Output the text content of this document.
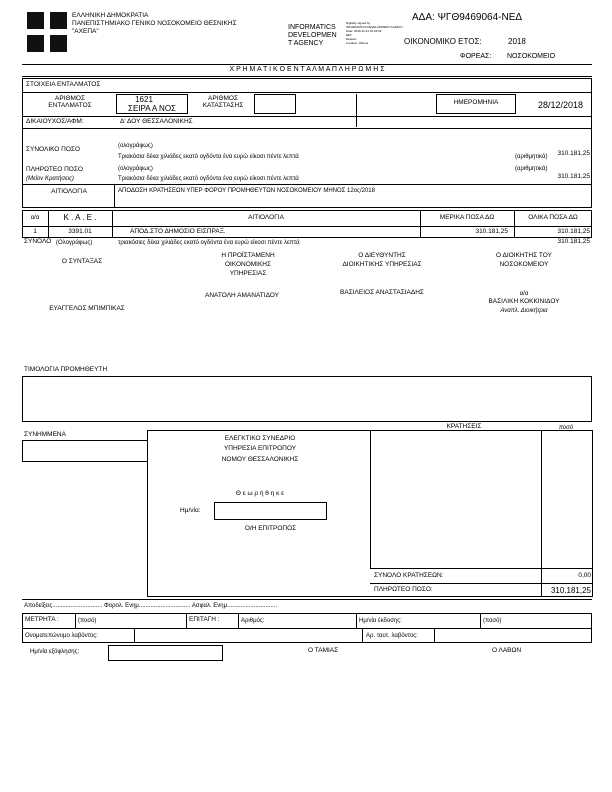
ΕΛΛΗΝΙΚΗ ΔΗΜΟΚΡΑΤΙΑ
ΠΑΝΕΠΙΣΤΗΜΙΑΚΟ ΓΕΝΙΚΟ ΝΟΣΟΚΟΜΕΙΟ ΘΕΣΝΙΚΗΣ
"ΑΧΕΠΑ"
INFORMATICS
DEVELOPMEN
T AGENCY
Digitally signed by
INFORMATICS DEVELOPMENT AGENCY
Date: 2018.12.31 10:34:52
EET
Reason:
Location: Athens
ΑΔΑ: ΨΓΘ9469064-ΝΕΔ
ΟΙΚΟΝΟΜΙΚΟ ΕΤΟΣ:	2018
ΦΟΡΕΑΣ: ΝΟΣΟΚΟΜΕΙΟ
Χ Ρ Η Μ Α Τ Ι Κ Ο Ε Ν Τ Α Λ Μ Α Π Λ Η Ρ Ω Μ Η Σ
ΣΤΟΙΧΕΙΑ ΕΝΤΑΛΜΑΤΟΣ
ΑΡΙΘΜΟΣ
ΕΝΤΑΛΜΑΤΟΣ
1621
ΣΕΙΡΑ Α ΝΟΣ
ΑΡΙΘΜΟΣ
ΚΑΤΑΣΤΑΣΗΣ	ΗΜΕΡΟΜΗΝΙΑ	28/12/2018
ΔΙΚΑΙΟΥΧΟΣ/ΑΦΜ:	Δ' ΔΟΥ ΘΕΣΣΑΛΟΝΙΚΗΣ
ΣΥΝΟΛΙΚΟ ΠΟΣΟ	(ολογράφως)
Τριακόσια δέκα χιλιάδες εκατό ογδόντα ένα ευρώ είκοσι πέντε λεπτά	(αριθμητικά)	310.181,25
ΠΛΗΡΩΤΕΟ ΠΟΣΟ
(Μείον Κρατήσεις)
(ολογράφως)
Τριακόσια δέκα χιλιάδες εκατό ογδόντα ένα ευρώ είκοσι πέντε λεπτά
(αριθμητικά)
310.181,25
ΑΙΤΙΟΛΟΓΙΑ	ΑΠΟΔΟΣΗ ΚΡΑΤΗΣΕΩΝ ΥΠΕΡ ΦΟΡΟΥ ΠΡΟΜΗΘΕΥΤΩΝ ΝΟΣΟΚΟΜΕΙΟΥ ΜΗΝΟΣ 12ος/2018
α/α	Κ . Α . Ε .	ΑΙΤΙΟΛΟΓΙΑ	ΜΕΡΙΚΑ ΠΟΣΑ ΔΩ	ΟΛΙΚΑ ΠΟΣΑ ΔΩ
1	3391.01	ΑΠΟΔ.ΣΤΟ ΔΗΜΟΣΙΟ ΕΙΣΠΡΑΞ.	310.181,25	310.181,25
ΣΥΝΟΛΟ (Ολογράφως)	τριακόσιες δέκα χιλιάδες εκατό ογδόντα ένα ευρώ είκοσι πέντε λεπτά	310.181,25
Ο ΣΥΝΤΑΞΑΣ
ΕΥΑΓΓΕΛΟΣ ΜΠΙΜΠΙΚΑΣ
Η ΠΡΟΪΣΤΑΜΕΝΗ
ΟΙΚΟΝΟΜΙΚΗΣ
ΥΠΗΡΕΣΙΑΣ
ΑΝΑΤΟΛΗ ΑΜΑΝΑΤΙΔΟΥ
Ο ΔΙΕΥΘΥΝΤΗΣ
ΔΙΟΙΚΗΤΙΚΗΣ ΥΠΗΡΕΣΙΑΣ
ΒΑΣΙΛΕΙΟΣ ΑΝΑΣΤΑΣΙΑΔΗΣ
Ο ΔΙΟΙΚΗΤΗΣ ΤΟΥ
ΝΟΣΟΚΟΜΕΙΟΥ
α/α
ΒΑΣΙΛΙΚΗ ΚΟΚΚΙΝΙΔΟΥ
Αναπλ. Διοικήτρια
ΤΙΜΟΛΟΓΙΑ ΠΡΟΜΗΘΕΥΤΗ
ΣΥΝΗΜΜΕΝΑ
ΚΡΑΤΗΣΕΙΣ	ποσό
ΕΛΕΓΚΤΙΚΟ ΣΥΝΕΔΡΙΟ
ΥΠΗΡΕΣΙΑ ΕΠΙΤΡΟΠΟΥ
ΝΟΜΟΥ ΘΕΣΣΑΛΟΝΙΚΗΣ
Θ ε ω ρ ή θ η κ ε
Ημ/νία:
Ο/Η ΕΠΙΤΡΟΠΟΣ
ΣΥΝΟΛΟ ΚΡΑΤΗΣΕΩΝ:	0,00
ΠΛΗΡΩΤΕΟ ΠΟΣΟ:	310.181,25
Αποδείξεις.............................. Φορολ. Ενημ............................... Ασφαλ. Ενημ..............................
ΜΕΤΡΗΤΑ :	(ποσό)	ΕΠΙΤΑΓΗ :	Αριθμός:	Ημ/νία έκδοσης:	(ποσό)
Ονοματεπώνυμο λαβόντος:	Αρ. ταυτ. λαβόντος:
Ημ/νία εξόφλησης:	Ο ΤΑΜΙΑΣ	Ο ΛΑΒΩΝ
